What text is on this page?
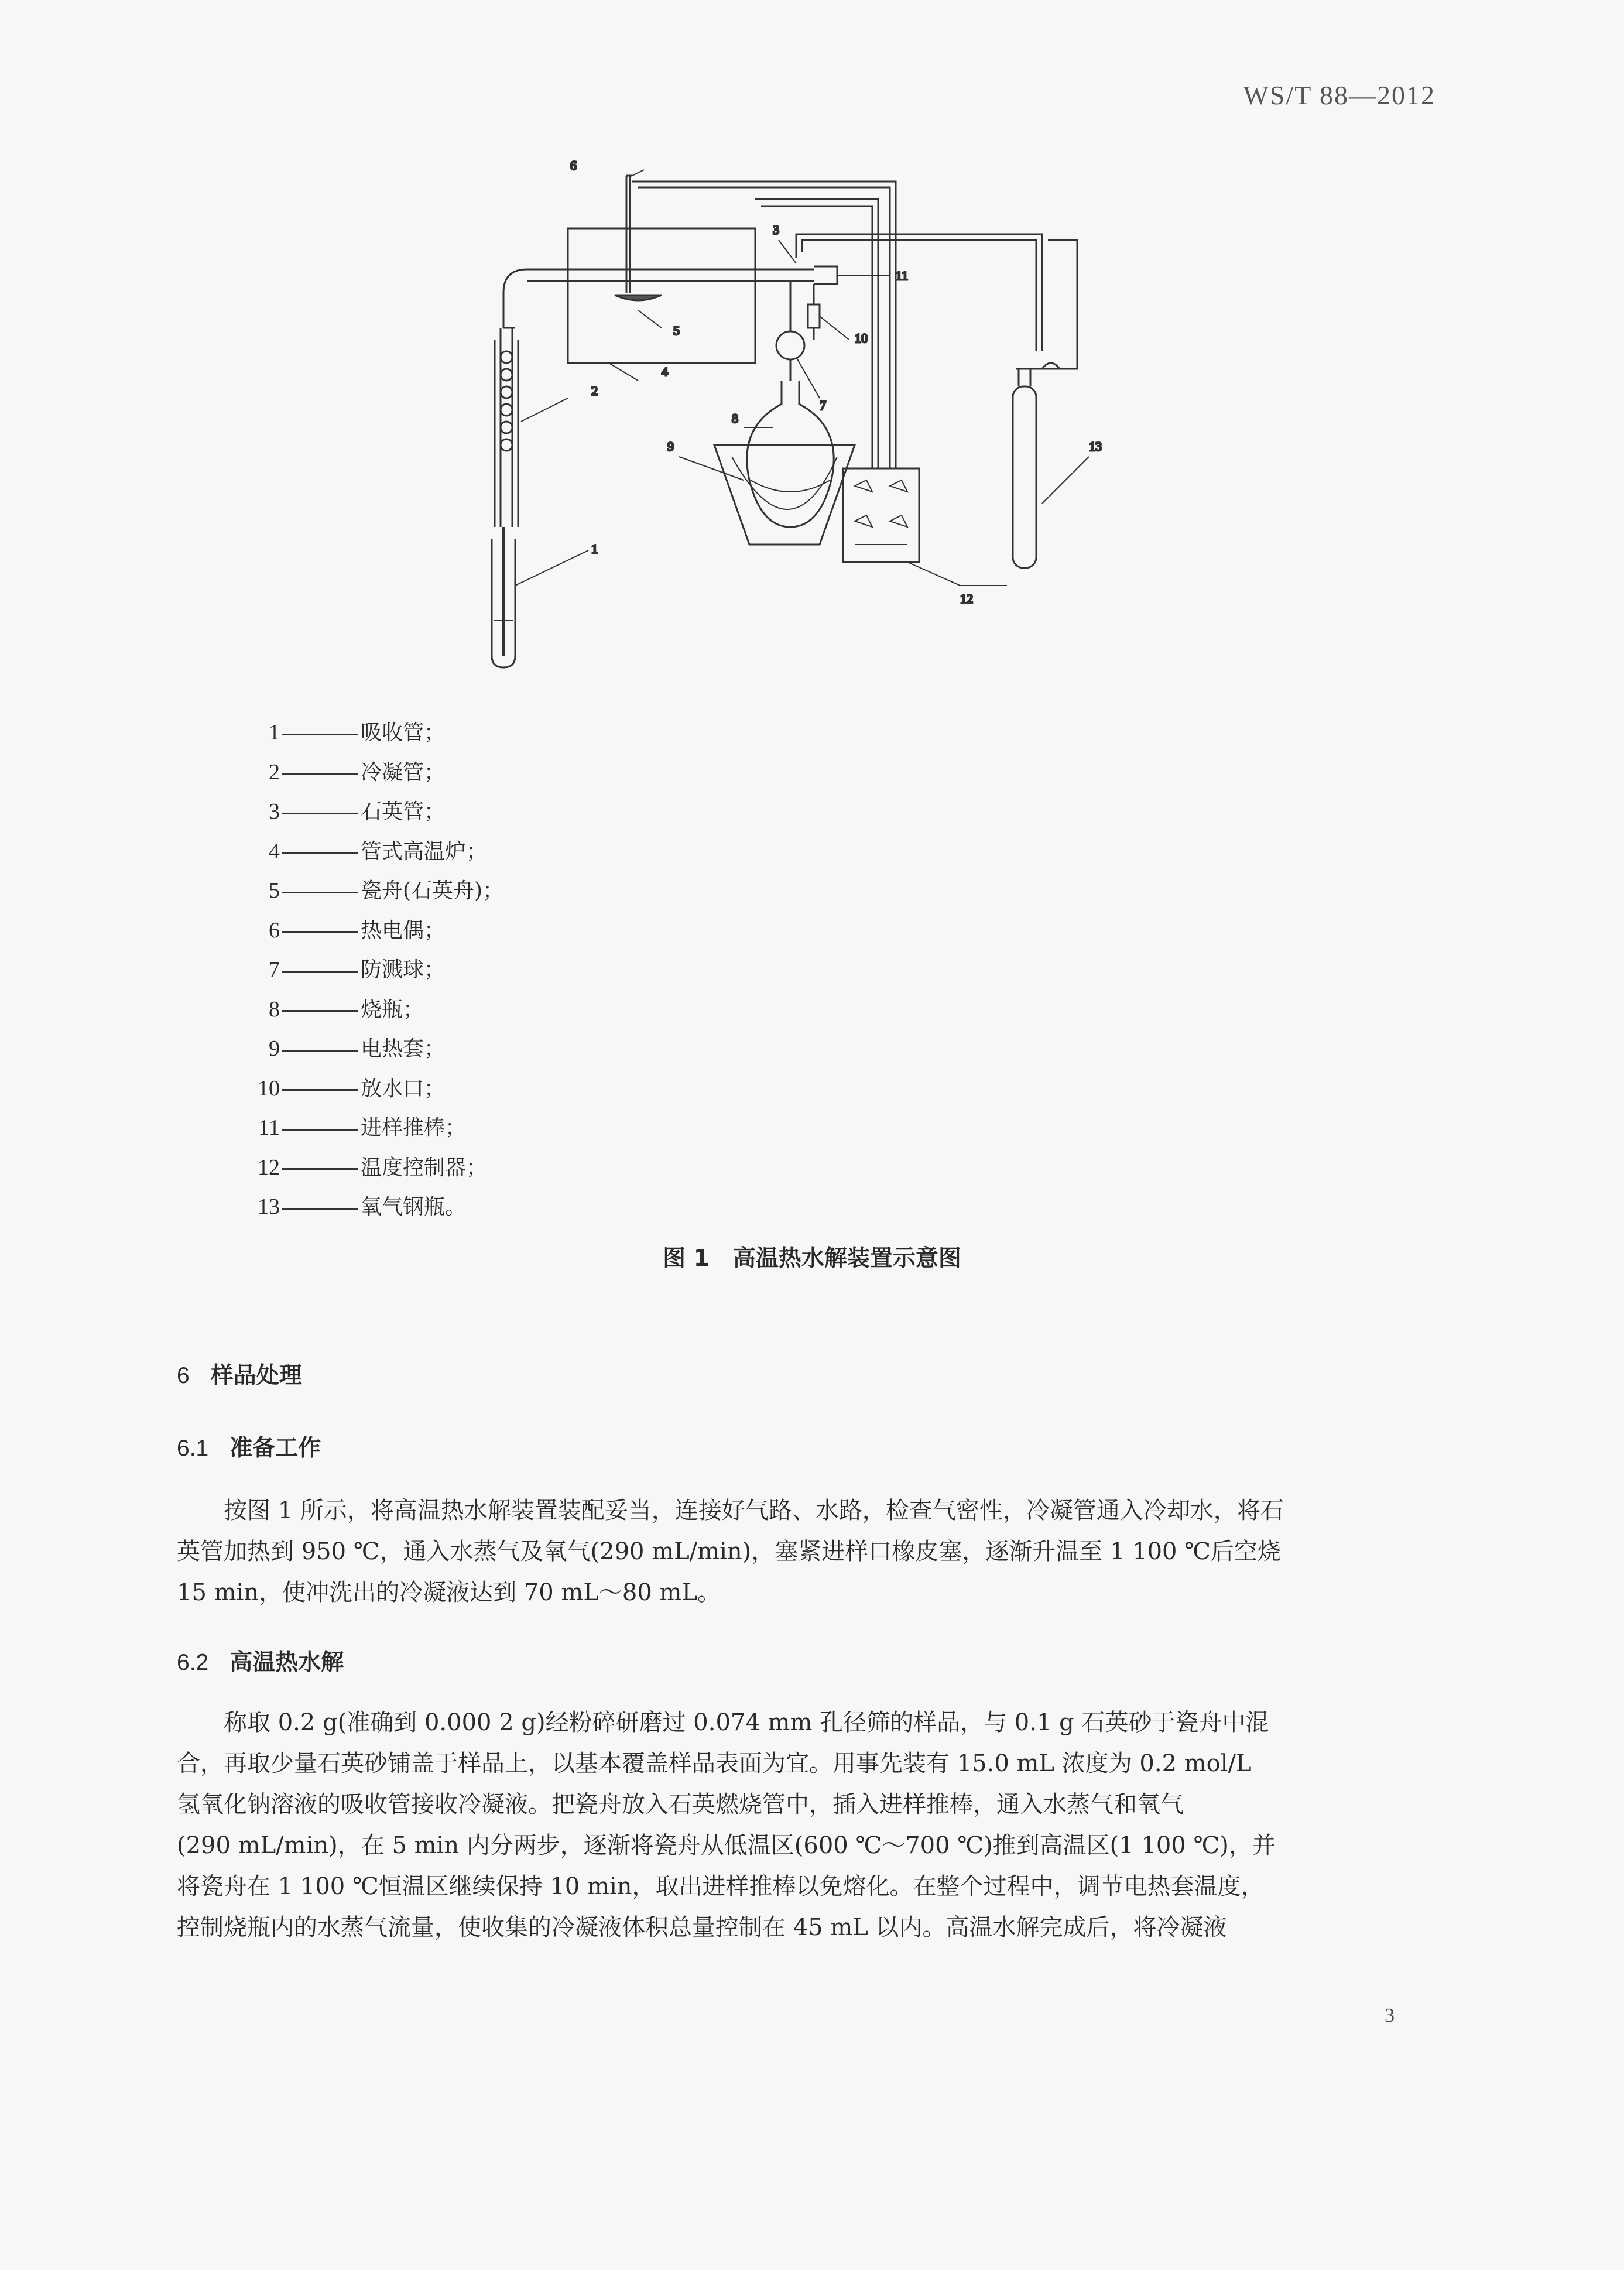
WS/T 88—2012
6
2
1
3
5
4
7
8
9
10
11
12
13
1	吸收管；
2	冷凝管；
3	石英管；
4	管式高温炉；
5	瓷舟(石英舟)；
6	热电偶；
7	防溅球；
8	烧瓶；
9	电热套；
10	放水口；
11	进样推棒；
12	温度控制器；
13	氧气钢瓶。
图 1 高温热水解装置示意图
6 样品处理
6.1 准备工作

按图 1 所示，将高温热水解装置装配妥当，连接好气路、水路，检查气密性，冷凝管通入冷却水，将石

英管加热到 950 ℃，通入水蒸气及氧气(290 mL/min)，塞紧进样口橡皮塞，逐渐升温至 1 100 ℃后空烧

15 min，使冲洗出的冷凝液达到 70 mL～80 mL。

6.2 高温热水解

称取 0.2 g(准确到 0.000 2 g)经粉碎研磨过 0.074 mm 孔径筛的样品，与 0.1 g 石英砂于瓷舟中混

合，再取少量石英砂铺盖于样品上，以基本覆盖样品表面为宜。用事先装有 15.0 mL 浓度为 0.2 mol/L

氢氧化钠溶液的吸收管接收冷凝液。把瓷舟放入石英燃烧管中，插入进样推棒，通入水蒸气和氧气

(290 mL/min)，在 5 min 内分两步，逐渐将瓷舟从低温区(600 ℃～700 ℃)推到高温区(1 100 ℃)，并

将瓷舟在 1 100 ℃恒温区继续保持 10 min，取出进样推棒以免熔化。在整个过程中，调节电热套温度，

控制烧瓶内的水蒸气流量，使收集的冷凝液体积总量控制在 45 mL 以内。高温水解完成后，将冷凝液

3
